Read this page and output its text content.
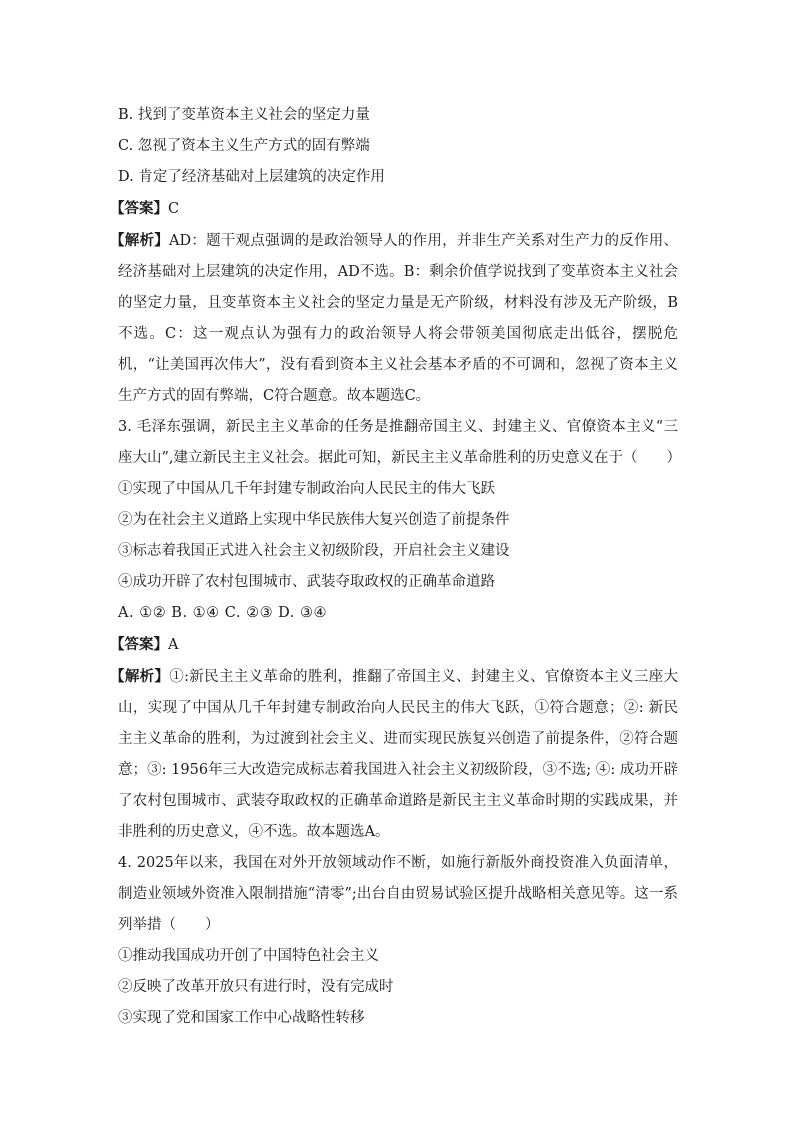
B. 找到了变革资本主义社会的坚定力量
C. 忽视了资本主义生产方式的固有弊端
D. 肯定了经济基础对上层建筑的决定作用
【答案】C
【解析】AD：题干观点强调的是政治领导人的作用，并非生产关系对生产力的反作用、经济基础对上层建筑的决定作用，AD不选。B：剩余价值学说找到了变革资本主义社会的坚定力量，且变革资本主义社会的坚定力量是无产阶级，材料没有涉及无产阶级，B不选。C：这一观点认为强有力的政治领导人将会带领美国彻底走出低谷，摆脱危机，“让美国再次伟大”，没有看到资本主义社会基本矛盾的不可调和，忽视了资本主义生产方式的固有弊端，C符合题意。故本题选C。
3. 毛泽东强调，新民主主义革命的任务是推翻帝国主义、封建主义、官僚资本主义“三座大山”,建立新民主主义社会。据此可知，新民主主义革命胜利的历史意义在于（　　）
①实现了中国从几千年封建专制政治向人民民主的伟大飞跃
②为在社会主义道路上实现中华民族伟大复兴创造了前提条件
③标志着我国正式进入社会主义初级阶段，开启社会主义建设
④成功开辟了农村包围城市、武装夺取政权的正确革命道路
A. ①② B. ①④ C. ②③ D. ③④
【答案】A
【解析】①:新民主主义革命的胜利，推翻了帝国主义、封建主义、官僚资本主义三座大山，实现了中国从几千年封建专制政治向人民民主的伟大飞跃，①符合题意；②: 新民主主义革命的胜利，为过渡到社会主义、进而实现民族复兴创造了前提条件，②符合题意；③: 1956年三大改造完成标志着我国进入社会主义初级阶段，③不选; ④: 成功开辟了农村包围城市、武装夺取政权的正确革命道路是新民主主义革命时期的实践成果，并非胜利的历史意义，④不选。故本题选A。
4. 2025年以来，我国在对外开放领域动作不断，如施行新版外商投资准入负面清单，制造业领域外资准入限制措施“清零”;出台自由贸易试验区提升战略相关意见等。这一系列举措（　　）
①推动我国成功开创了中国特色社会主义
②反映了改革开放只有进行时，没有完成时
③实现了党和国家工作中心战略性转移
